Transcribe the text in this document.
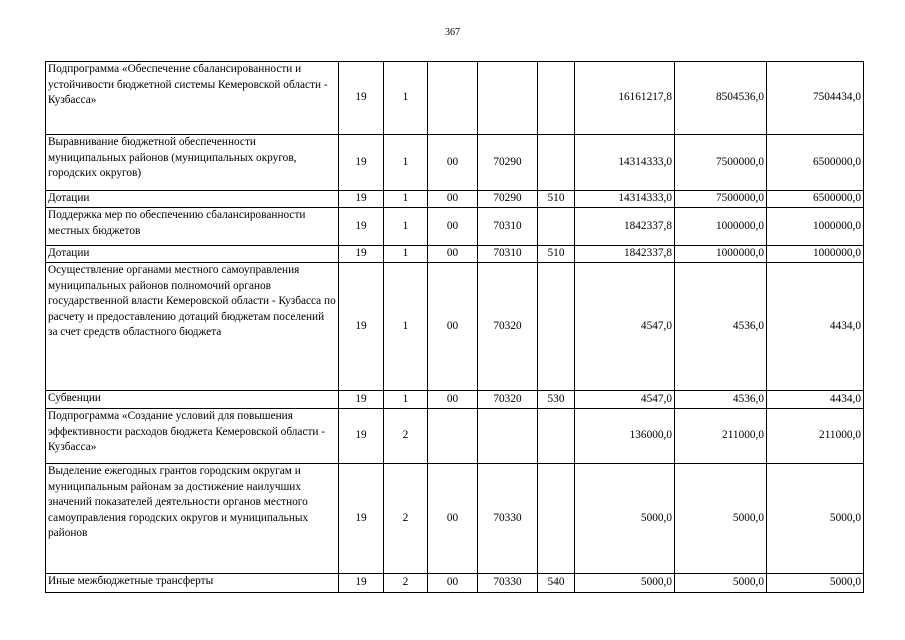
367
Подпрограмма «Обеспечение сбалансированности и устойчивости бюджетной системы Кемеровской области - Кузбасса»	19	1				16161217,8	8504536,0	7504434,0
Выравнивание бюджетной обеспеченности муниципальных районов (муниципальных округов, городских округов)	19	1	00	70290		14314333,0	7500000,0	6500000,0
Дотации	19	1	00	70290	510	14314333,0	7500000,0	6500000,0
Поддержка мер по обеспечению сбалансированности местных бюджетов	19	1	00	70310		1842337,8	1000000,0	1000000,0
Дотации	19	1	00	70310	510	1842337,8	1000000,0	1000000,0
Осуществление органами местного самоуправления муниципальных районов полномочий органов государственной власти Кемеровской области - Кузбасса по расчету и предоставлению дотаций бюджетам поселений за счет средств областного бюджета	19	1	00	70320		4547,0	4536,0	4434,0
Субвенции	19	1	00	70320	530	4547,0	4536,0	4434,0
Подпрограмма «Создание условий для повышения эффективности расходов бюджета Кемеровской области - Кузбасса»	19	2				136000,0	211000,0	211000,0
Выделение ежегодных грантов городским округам и муниципальным районам за достижение наилучших значений показателей деятельности органов местного самоуправления городских округов и муниципальных районов	19	2	00	70330		5000,0	5000,0	5000,0
Иные межбюджетные трансферты	19	2	00	70330	540	5000,0	5000,0	5000,0
